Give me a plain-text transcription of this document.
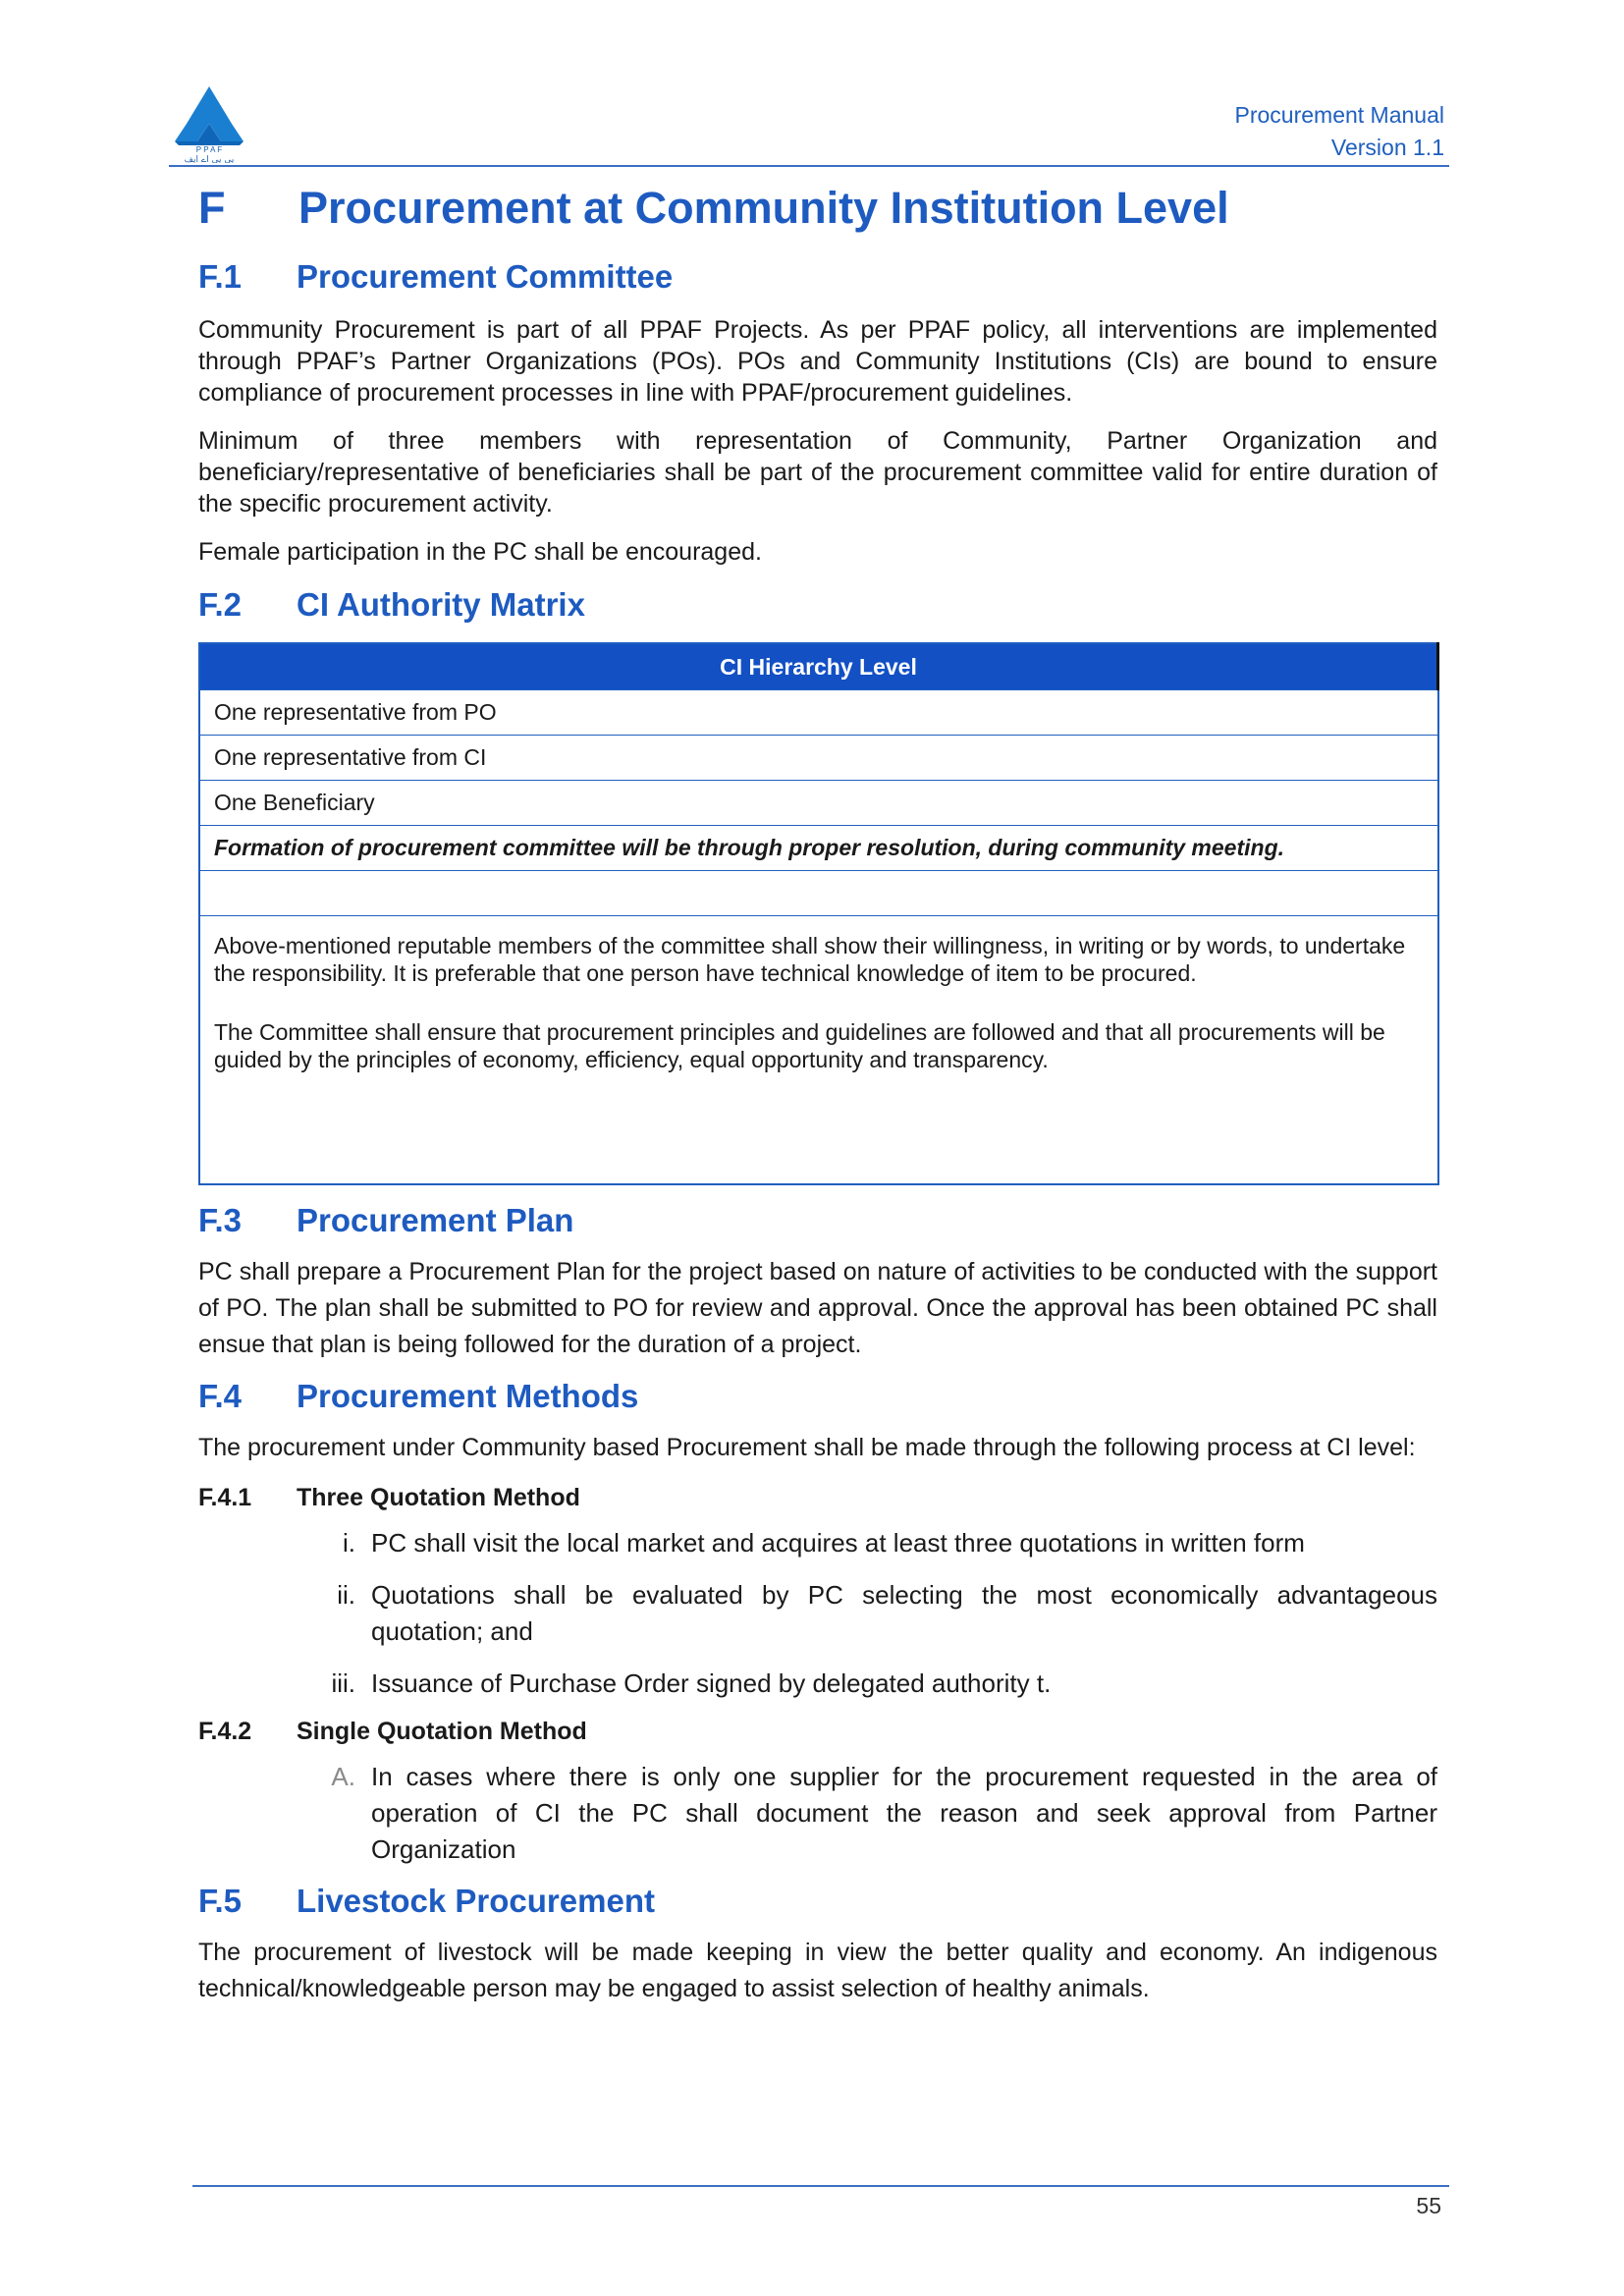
P P A F
پی پی اے ایف
Procurement Manual
Version 1.1
F	Procurement at Community Institution Level
F.1	Procurement Committee

Community Procurement is part of all PPAF Projects. As per PPAF policy, all interventions are implemented through PPAF’s Partner Organizations (POs). POs and Community Institutions (CIs) are bound to ensure compliance of procurement processes in line with PPAF/procurement guidelines.

Minimum of three members with representation of Community, Partner Organization and beneficiary/representative of beneficiaries shall be part of the procurement committee valid for entire duration of the specific procurement activity.

Female participation in the PC shall be encouraged.

F.2	CI Authority Matrix
CI Hierarchy Level
One representative from PO
One representative from CI
One Beneficiary
Formation of procurement committee will be through proper resolution, during community meeting.

Above-mentioned reputable members of the committee shall show their willingness, in writing or by words, to undertake the responsibility. It is preferable that one person have technical knowledge of item to be procured.
The Committee shall ensure that procurement principles and guidelines are followed and that all procurements will be guided by the principles of economy, efficiency, equal opportunity and transparency.
F.3	Procurement Plan

PC shall prepare a Procurement Plan for the project based on nature of activities to be conducted with the support of PO. The plan shall be submitted to PO for review and approval. Once the approval has been obtained PC shall ensue that plan is being followed for the duration of a project.

F.4	Procurement Methods

The procurement under Community based Procurement shall be made through the following process at CI level:

F.4.1	Three Quotation Method
i. PC shall visit the local market and acquires at least three quotations in written form
ii. Quotations shall be evaluated by PC selecting the most economically advantageous quotation; and
iii. Issuance of Purchase Order signed by delegated authority t.
F.4.2	Single Quotation Method
A. In cases where there is only one supplier for the procurement requested in the area of operation of CI the PC shall document the reason and seek approval from Partner Organization
F.5	Livestock Procurement

The procurement of livestock will be made keeping in view the better quality and economy. An indigenous technical/knowledgeable person may be engaged to assist selection of healthy animals.

55
